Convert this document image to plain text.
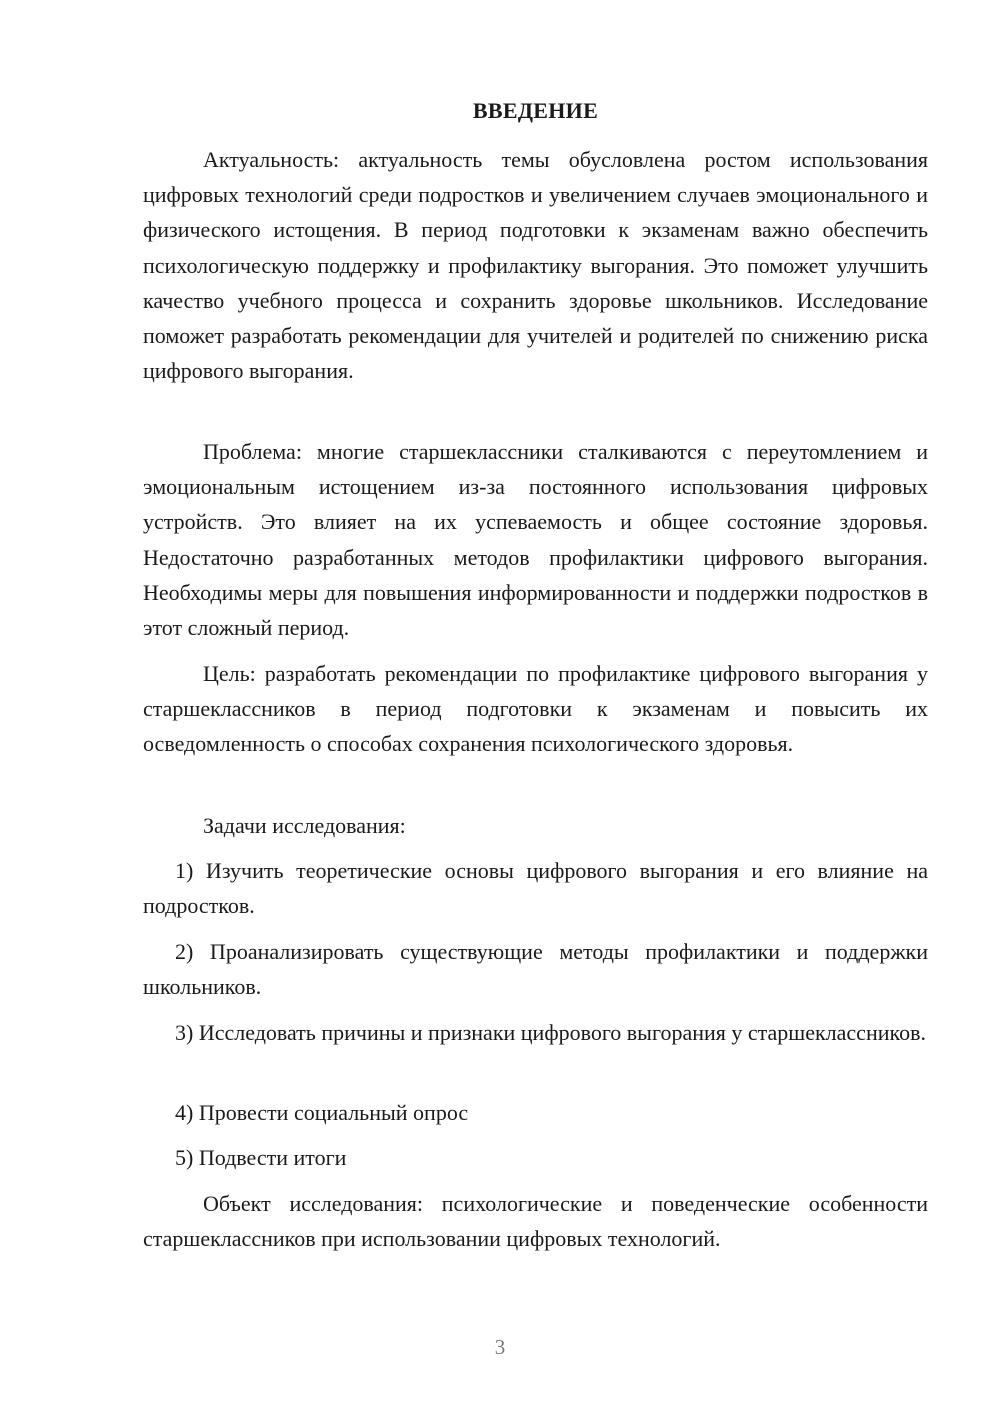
ВВЕДЕНИЕ

Актуальность: актуальность темы обусловлена ростом использования цифровых технологий среди подростков и увеличением случаев эмоционального и физического истощения. В период подготовки к экзаменам важно обеспечить психологическую поддержку и профилактику выгорания. Это поможет улучшить качество учебного процесса и сохранить здоровье школьников. Исследование поможет разработать рекомендации для учителей и родителей по снижению риска цифрового выгорания.

Проблема: многие старшеклассники сталкиваются с переутомлением и эмоциональным истощением из-за постоянного использования цифровых устройств. Это влияет на их успеваемость и общее состояние здоровья. Недостаточно разработанных методов профилактики цифрового выгорания. Необходимы меры для повышения информированности и поддержки подростков в этот сложный период.

Цель: разработать рекомендации по профилактике цифрового выгорания у старшеклассников в период подготовки к экзаменам и повысить их осведомленность о способах сохранения психологического здоровья.

Задачи исследования:

1) Изучить теоретические основы цифрового выгорания и его влияние на подростков.

2) Проанализировать существующие методы профилактики и поддержки школьников.

3) Исследовать причины и признаки цифрового выгорания у старшеклассников.

4) Провести социальный опрос

5) Подвести итоги

Объект исследования: психологические и поведенческие особенности старшеклассников при использовании цифровых технологий.

3
